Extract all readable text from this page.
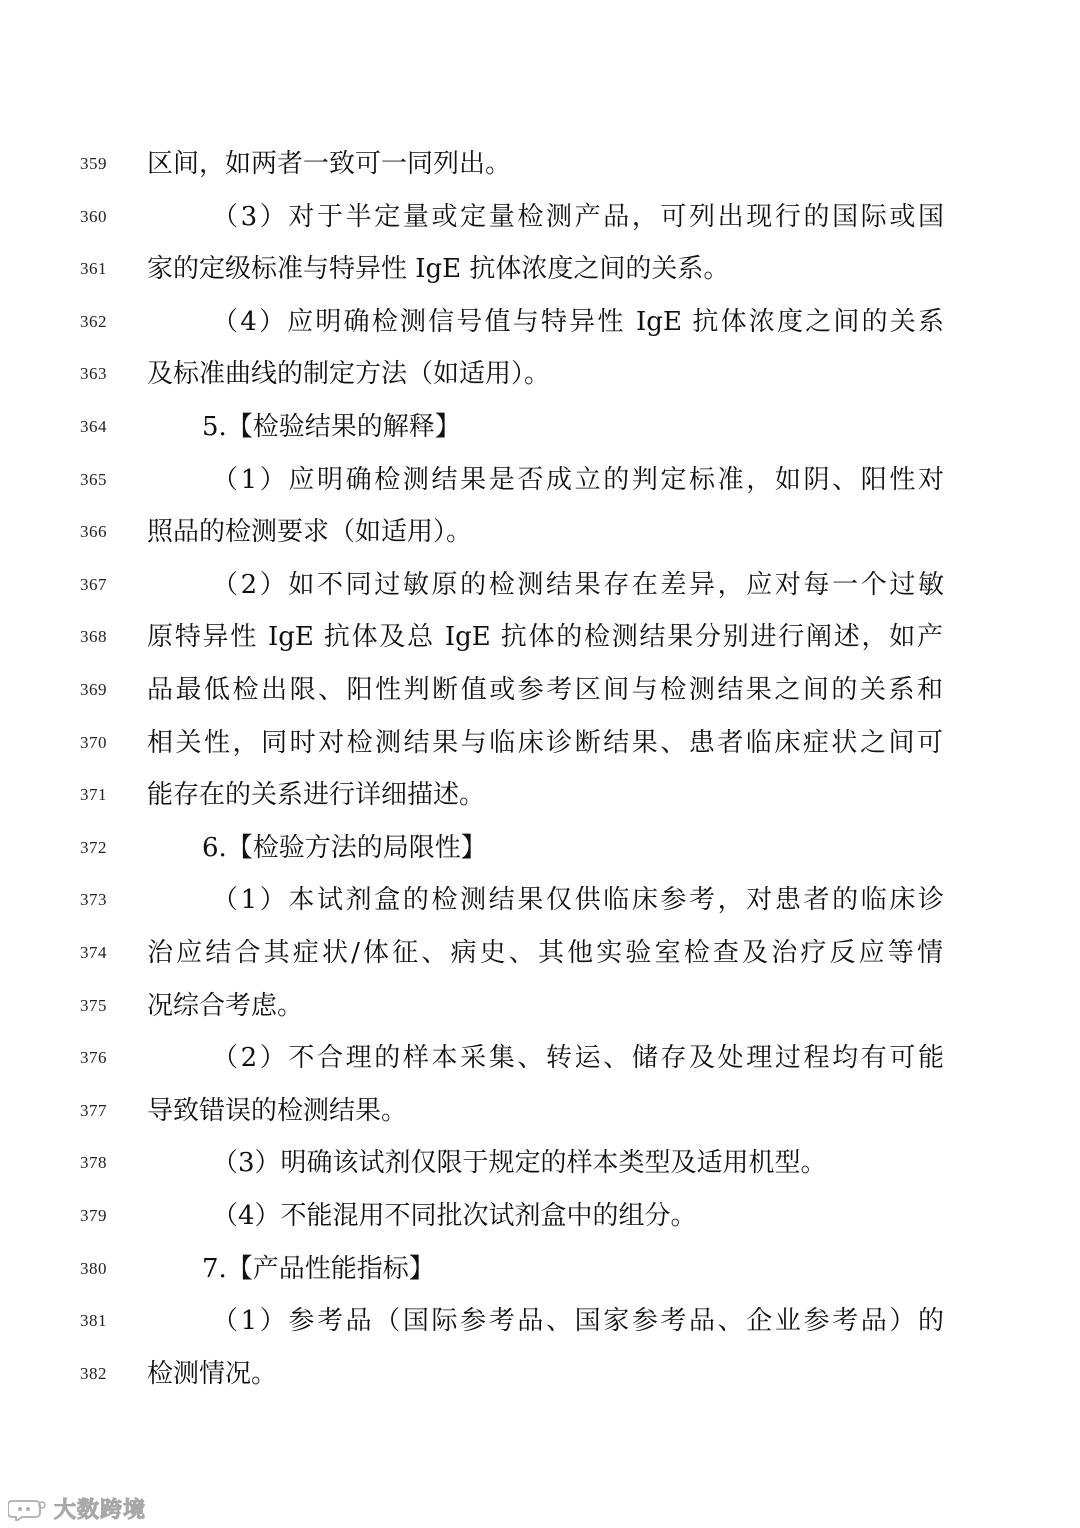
359 区间，如两者一致可一同列出。
360	（3）对于半定量或定量检测产品，可列出现行的国际或国
361 家的定级标准与特异性 IgE 抗体浓度之间的关系。
362	（4）应明确检测信号值与特异性 IgE 抗体浓度之间的关系
363 及标准曲线的制定方法（如适用）。
364	5.【检验结果的解释】
365	（1）应明确检测结果是否成立的判定标准，如阴、阳性对
366 照品的检测要求（如适用）。
367	（2）如不同过敏原的检测结果存在差异，应对每一个过敏
368 原特异性 IgE 抗体及总 IgE 抗体的检测结果分别进行阐述，如产
369 品最低检出限、阳性判断值或参考区间与检测结果之间的关系和
370 相关性，同时对检测结果与临床诊断结果、患者临床症状之间可
371 能存在的关系进行详细描述。
372	6.【检验方法的局限性】
373	（1）本试剂盒的检测结果仅供临床参考，对患者的临床诊
374 治应结合其症状/体征、病史、其他实验室检查及治疗反应等情
375 况综合考虑。
376	（2）不合理的样本采集、转运、储存及处理过程均有可能
377 导致错误的检测结果。
378	（3）明确该试剂仅限于规定的样本类型及适用机型。
379	（4）不能混用不同批次试剂盒中的组分。
380	7.【产品性能指标】
381	（1）参考品（国际参考品、国家参考品、企业参考品）的
382 检测情况。
大数跨境
